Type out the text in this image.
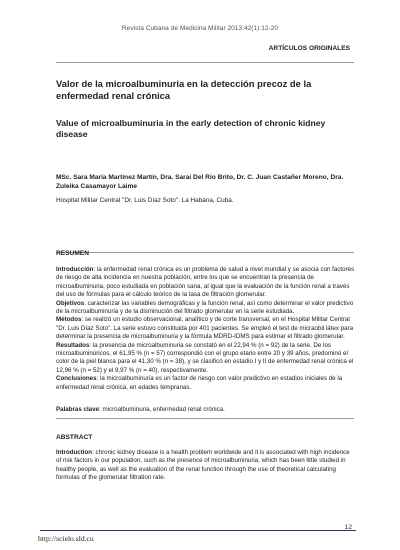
Revista Cubana de Medicina Militar 2013;42(1):12-20
ARTÍCULOS ORIGINALES
Valor de la microalbuminuria en la detección precoz de la enfermedad renal crónica
Value of microalbuminuria in the early detection of chronic kidney disease
MSc. Sara María Martínez Martín, Dra. Saraí Del Río Brito, Dr. C. Juan Castañer Moreno, Dra. Zuleika Casamayor Laime
Hospital Militar Central "Dr. Luis Díaz Soto". La Habana, Cuba.
RESUMEN

Introducción: la enfermedad renal crónica es un problema de salud a nivel mundial y se asocia con factores de riesgo de alta incidencia en nuestra población, entre los que se encuentran la presencia de microalbuminuria, poco estudiada en población sana, al igual que la evaluación de la función renal a través del uso de fórmulas para el cálculo teórico de la tasa de filtración glomerular.

Objetivos: caracterizar las variables demográficas y la función renal, así como determinar el valor predictivo de la microalbuminuria y de la disminución del filtrado glomerular en la serie estudiada.

Métodos: se realizó un estudio observacional, analítico y de corte transversal, en el Hospital Militar Central "Dr. Luis Díaz Soto". La serie estuvo constituida por 401 pacientes. Se empleó el test de micraobil látex para determinar la presencia de microalbuminuria y la fórmula MDRD-IDMS para estimar el filtrado glomerular.

Resultados: la presencia de microalbuminuria se constató en el 22,94 % (n = 92) de la serie. De los microalbuminúricos, el 61,95 % (n = 57) correspondió con el grupo etario entre 20 y 39 años, predominó el color de la piel blanca para el 41,30 % (n = 38), y se clasificó en estadio I y II de enfermedad renal crónica el 12,96 % (n = 52) y el 9,97 % (n = 40), respectivamente.

Conclusiones: la microalbuminuria es un factor de riesgo con valor predictivo en estadios iniciales de la enfermedad renal crónica, en edades tempranas.

Palabras clave: microalbuminuria, enfermedad renal crónica.
ABSTRACT
Introduction: chronic kidney disease is a health problem worldwide and it is associated with high incidence of risk factors in our population, such as the presence of microalbuminuria, which has been little studied in healthy people, as well as the evaluation of the renal function through the use of theoretical calculating formulas of the glomerular filtration rate.
12
http://scielo.sld.cu
